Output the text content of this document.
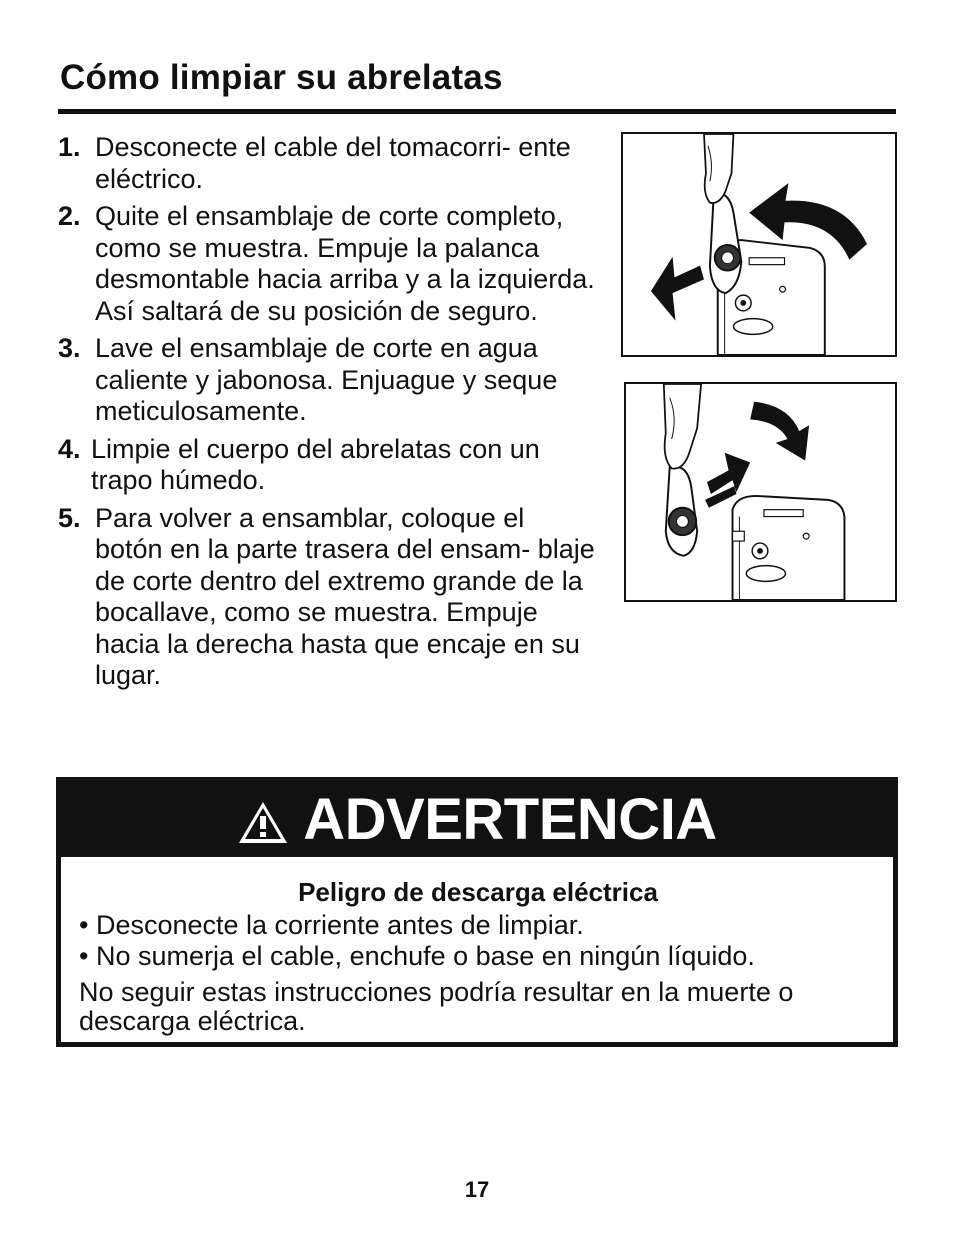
Cómo limpiar su abrelatas
1. Desconecte el cable del tomacorri- ente eléctrico.
2. Quite el ensamblaje de corte completo, como se muestra. Empuje la palanca desmontable hacia arriba y a la izquierda. Así saltará de su posición de seguro.
3. Lave el ensamblaje de corte en agua caliente y jabonosa. Enjuague y seque meticulosamente.
4. Limpie el cuerpo del abrelatas con un trapo húmedo.
5. Para volver a ensamblar, coloque el botón en la parte trasera del ensam- blaje de corte dentro del extremo grande de la bocallave, como se muestra. Empuje hacia la derecha hasta que encaje en su lugar.
ADVERTENCIA
Peligro de descarga eléctrica

• Desconecte la corriente antes de limpiar.

• No sumerja el cable, enchufe o base en ningún líquido.

No seguir estas instrucciones podría resultar en la muerte o descarga eléctrica.
17
